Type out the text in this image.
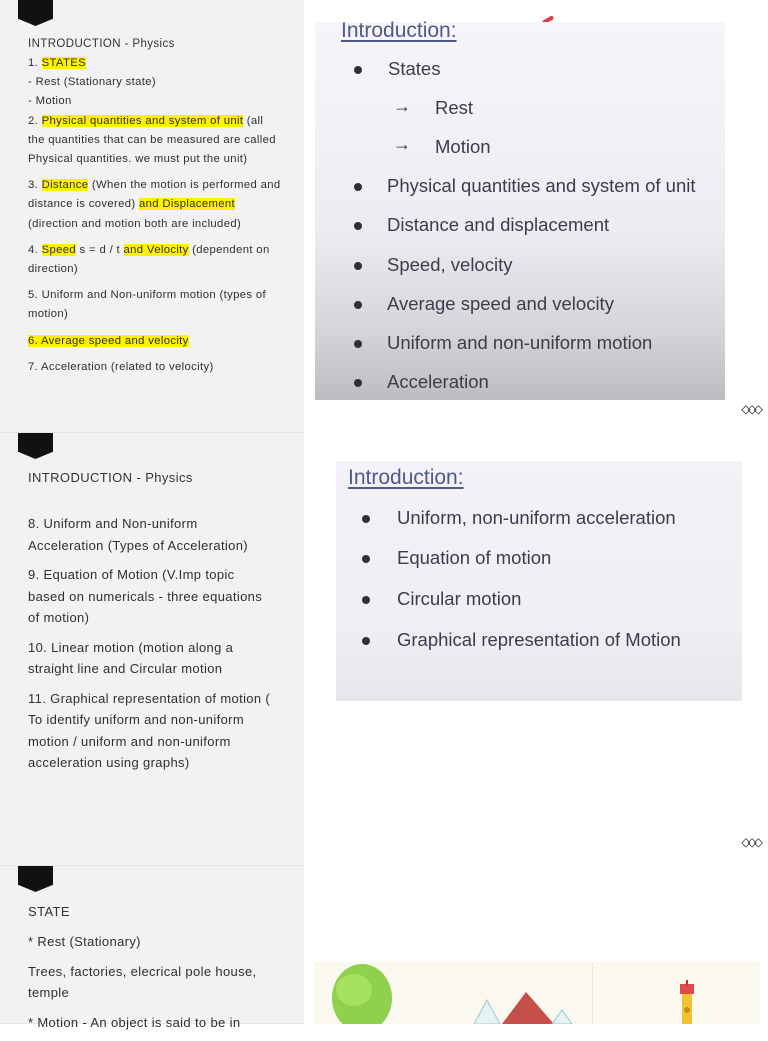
INTRODUCTION - Physics

1. STATES

- Rest (Stationary state)

- Motion

2. Physical quantities and system of unit (all the quantities that can be measured are called Physical quantities. we must put the unit)

3. Distance (When the motion is performed and distance is covered) and Displacement (direction and motion both are included)

4. Speed s = d / t and Velocity (dependent on direction)

5. Uniform and Non-uniform motion (types of motion)

6. Average speed and velocity

7. Acceleration (related to velocity)

Introduction:
States
→ Rest
→ Motion
Physical quantities and system of unit
Distance and displacement
Speed, velocity
Average speed and velocity
Uniform and non-uniform motion
Acceleration
◇◇◇
INTRODUCTION - Physics

8. Uniform and Non-uniform Acceleration (Types of Acceleration)

9. Equation of Motion (V.Imp topic based on numericals - three equations of motion)

10. Linear motion (motion along a straight line and Circular motion

11. Graphical representation of motion ( To identify uniform and non-uniform motion / uniform and non-uniform acceleration using graphs)

Introduction:
Uniform, non-uniform acceleration
Equation of motion
Circular motion
Graphical representation of Motion
◇◇◇
STATE

* Rest (Stationary)

Trees, factories, elecrical pole house, temple

* Motion - An object is said to be in
